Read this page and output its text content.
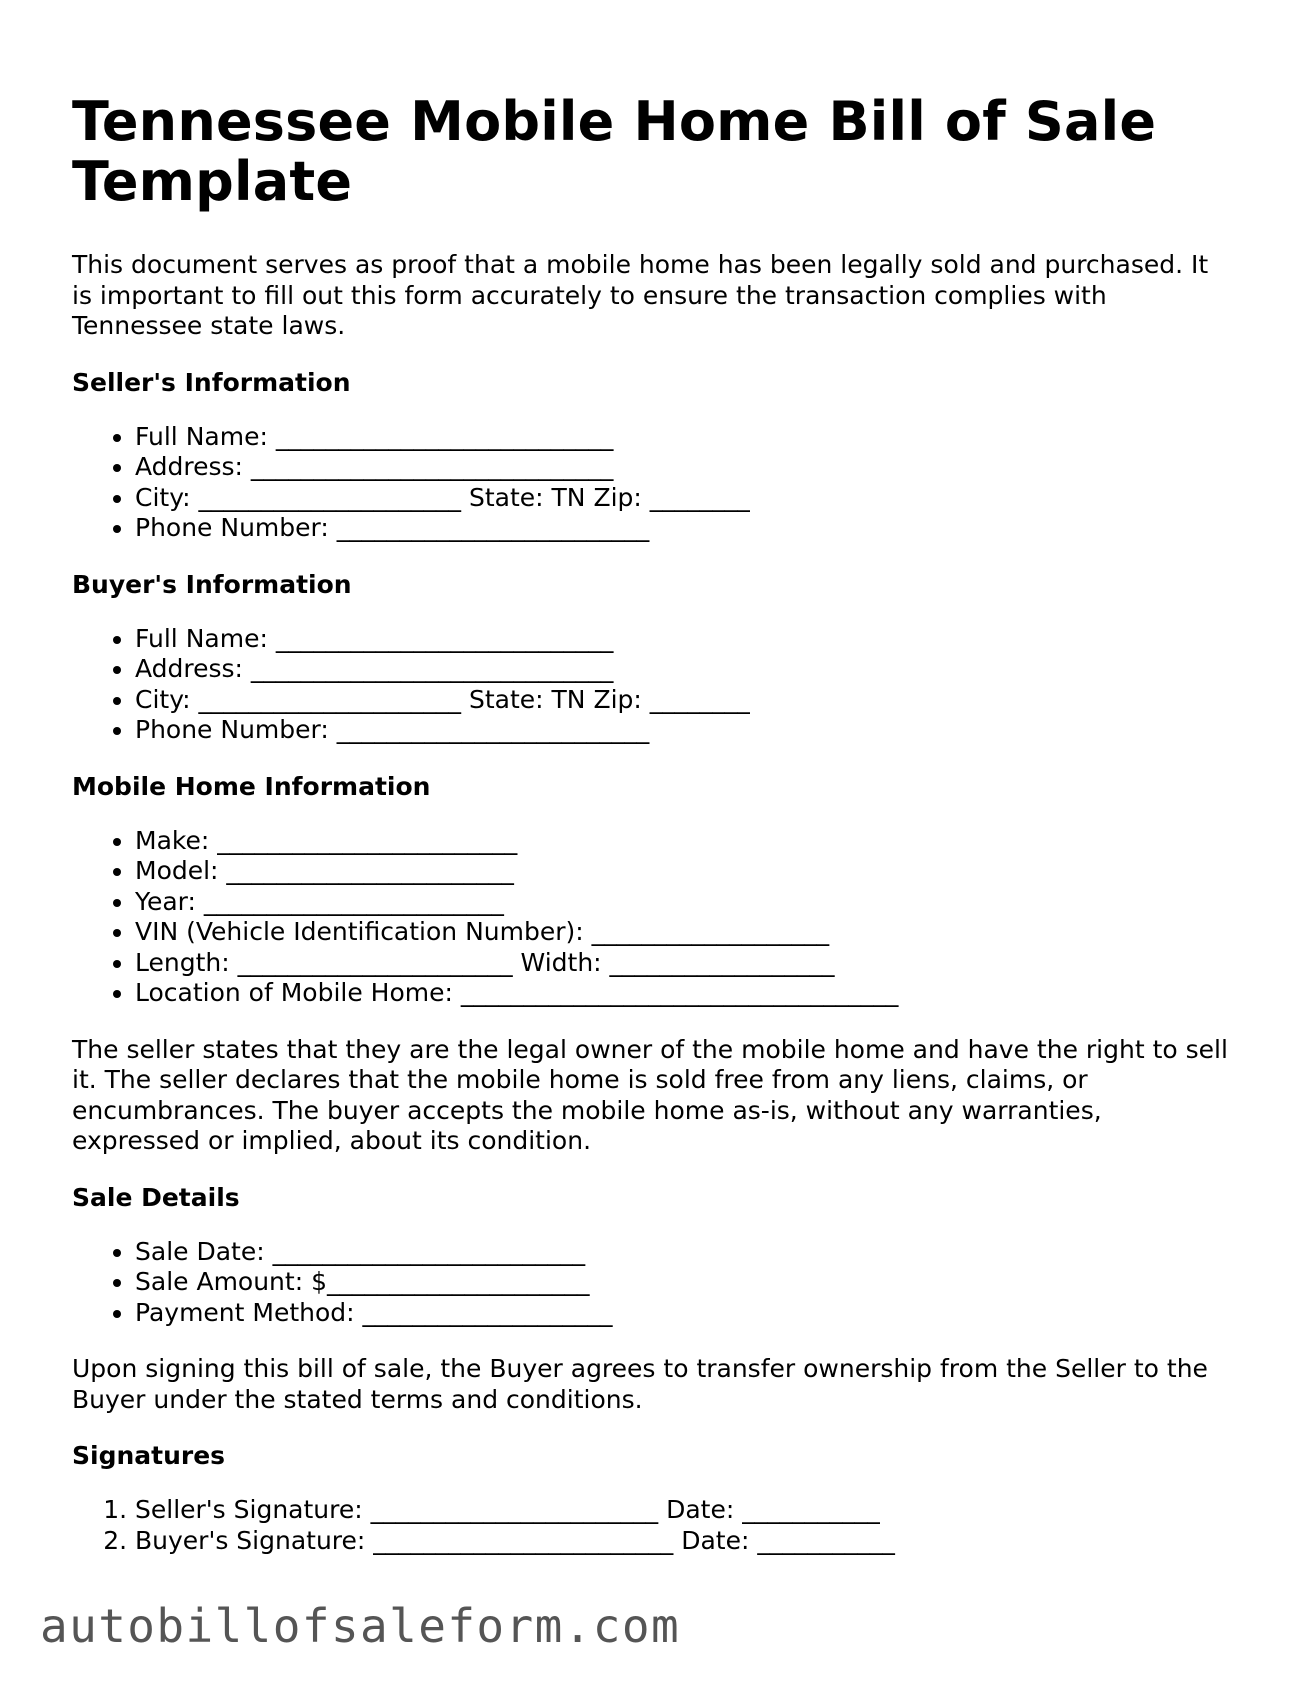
Tennessee Mobile Home Bill of Sale Template

This document serves as proof that a mobile home has been legally sold and purchased. It is important to fill out this form accurately to ensure the transaction complies with Tennessee state laws.

Seller's Information
• Full Name: ___________________________
• Address: _____________________________
• City: _____________________ State: TN Zip: ________
• Phone Number: _________________________
Buyer's Information
• Full Name: ___________________________
• Address: _____________________________
• City: _____________________ State: TN Zip: ________
• Phone Number: _________________________
Mobile Home Information
• Make: ________________________
• Model: _______________________
• Year: ________________________
• VIN (Vehicle Identification Number): ___________________
• Length: ______________________ Width: __________________
• Location of Mobile Home: ___________________________________

The seller states that they are the legal owner of the mobile home and have the right to sell it. The seller declares that the mobile home is sold free from any liens, claims, or encumbrances. The buyer accepts the mobile home as-is, without any warranties, expressed or implied, about its condition.

Sale Details
• Sale Date: _________________________
• Sale Amount: $_____________________
• Payment Method: ____________________

Upon signing this bill of sale, the Buyer agrees to transfer ownership from the Seller to the Buyer under the stated terms and conditions.

Signatures
1. Seller's Signature: _______________________ Date: ___________
2. Buyer's Signature: ________________________ Date: ___________
autobillofsaleform.com
